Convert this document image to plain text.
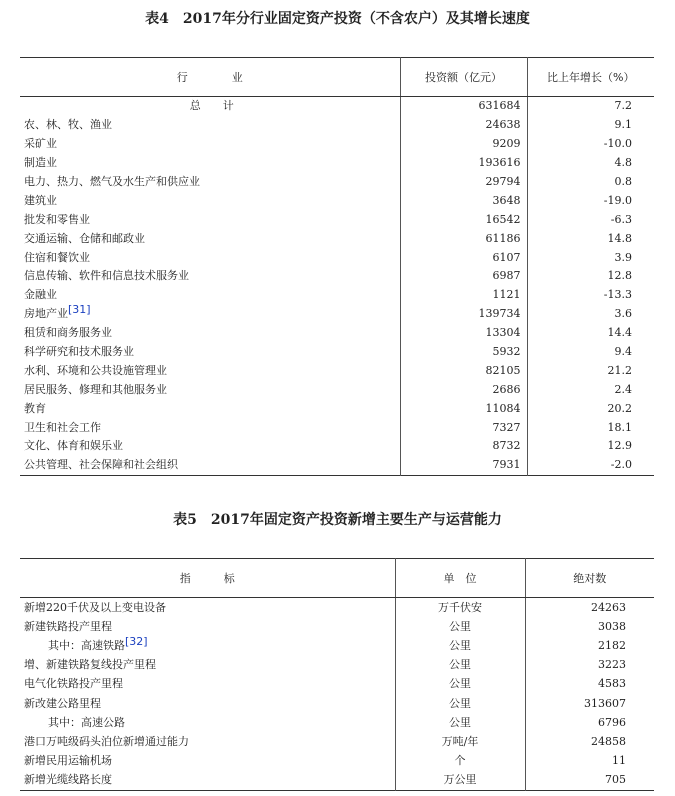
表4　2017年分行业固定资产投资（不含农户）及其增长速度
行　　　　业	投资额（亿元）	比上年增长（%）
总　　计	631684	7.2
农、林、牧、渔业	24638	9.1
采矿业	9209	-10.0
制造业	193616	4.8
电力、热力、燃气及水生产和供应业	29794	0.8
建筑业	3648	-19.0
批发和零售业	16542	-6.3
交通运输、仓储和邮政业	61186	14.8
住宿和餐饮业	6107	3.9
信息传输、软件和信息技术服务业	6987	12.8
金融业	1121	-13.3
房地产业[31]	139734	3.6
租赁和商务服务业	13304	14.4
科学研究和技术服务业	5932	9.4
水利、环境和公共设施管理业	82105	21.2
居民服务、修理和其他服务业	2686	2.4
教育	11084	20.2
卫生和社会工作	7327	18.1
文化、体育和娱乐业	8732	12.9
公共管理、社会保障和社会组织	7931	-2.0
表5　2017年固定资产投资新增主要生产与运营能力
指　　　标	单　位	绝对数
新增220千伏及以上变电设备	万千伏安	24263
新建铁路投产里程	公里	3038
其中：高速铁路[32]	公里	2182
增、新建铁路复线投产里程	公里	3223
电气化铁路投产里程	公里	4583
新改建公路里程	公里	313607
其中：高速公路	公里	6796
港口万吨级码头泊位新增通过能力	万吨/年	24858
新增民用运输机场	个	11
新增光缆线路长度	万公里	705
